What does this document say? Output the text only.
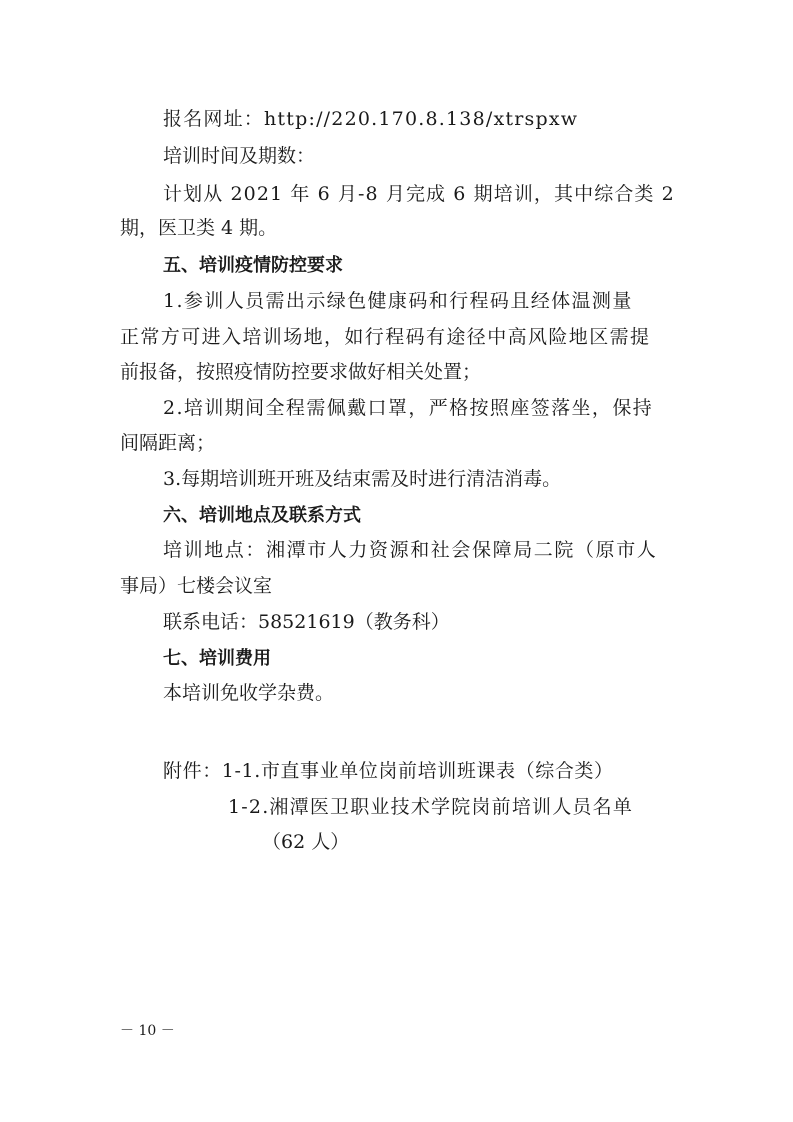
报名网址：http://220.170.8.138/xtrspxw
培训时间及期数：
计划从 2021 年 6 月-8 月完成 6 期培训，其中综合类 2
期，医卫类 4 期。
五、培训疫情防控要求
1.参训人员需出示绿色健康码和行程码且经体温测量
正常方可进入培训场地，如行程码有途径中高风险地区需提
前报备，按照疫情防控要求做好相关处置；
2.培训期间全程需佩戴口罩，严格按照座签落坐，保持
间隔距离；
3.每期培训班开班及结束需及时进行清洁消毒。
六、培训地点及联系方式
培训地点：湘潭市人力资源和社会保障局二院（原市人
事局）七楼会议室
联系电话：58521619（教务科）
七、培训费用
本培训免收学杂费。
附件：1-1.市直事业单位岗前培训班课表（综合类）
1-2.湘潭医卫职业技术学院岗前培训人员名单
（62 人）
－ 10 －
